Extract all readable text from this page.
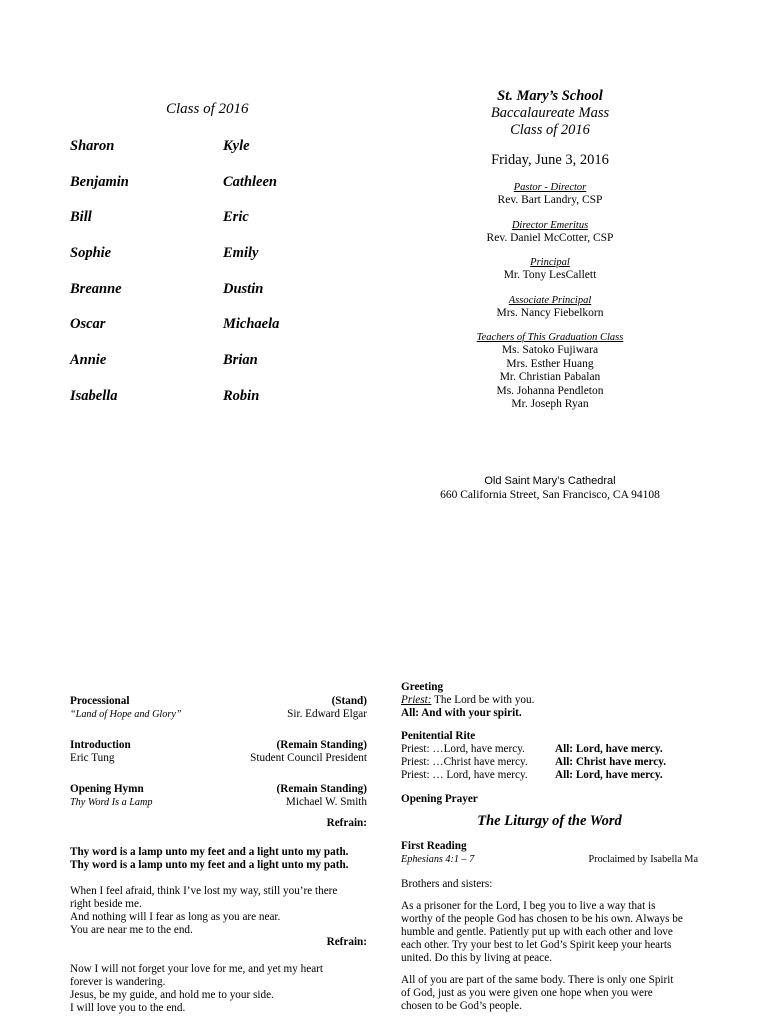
Class of 2016
Sharon	Kyle
Benjamin	Cathleen
Bill	Eric
Sophie	Emily
Breanne	Dustin
Oscar	Michaela
Annie	Brian
Isabella	Robin
St. Mary’s School
Baccalaureate Mass
Class of 2016
Friday, June 3, 2016
Pastor - Director
Rev. Bart Landry, CSP
Director Emeritus
Rev. Daniel McCotter, CSP
Principal
Mr. Tony LesCallett
Associate Principal
Mrs. Nancy Fiebelkorn
Teachers of This Graduation Class
Ms. Satoko Fujiwara
Mrs. Esther Huang
Mr. Christian Pabalan
Ms. Johanna Pendleton
Mr. Joseph Ryan
Old Saint Mary’s Cathedral
660 California Street, San Francisco, CA 94108
Processional	(Stand)
“Land of Hope and Glory”	Sir. Edward Elgar
Introduction	(Remain Standing)
Eric Tung	Student Council President
Opening Hymn	(Remain Standing)
Thy Word Is a Lamp	Michael W. Smith
Refrain:
Thy word is a lamp unto my feet and a light unto my path.
Thy word is a lamp unto my feet and a light unto my path.
When I feel afraid, think I’ve lost my way, still you’re there
right beside me.
And nothing will I fear as long as you are near.
You are near me to the end.
Refrain:
Now I will not forget your love for me, and yet my heart
forever is wandering.
Jesus, be my guide, and hold me to your side.
I will love you to the end.
Greeting
Priest: The Lord be with you.
All: And with your spirit.
Penitential Rite
Priest: …Lord, have mercy.	All: Lord, have mercy.
Priest: …Christ have mercy.	All: Christ have mercy.
Priest: … Lord, have mercy.	All: Lord, have mercy.
Opening Prayer
The Liturgy of the Word
First Reading
Ephesians 4:1 – 7	Proclaimed by Isabella Ma
Brothers and sisters:
As a prisoner for the Lord, I beg you to live a way that is
worthy of the people God has chosen to be his own. Always be
humble and gentle. Patiently put up with each other and love
each other. Try your best to let God’s Spirit keep your hearts
united. Do this by living at peace.
All of you are part of the same body. There is only one Spirit
of God, just as you were given one hope when you were
chosen to be God’s people.
